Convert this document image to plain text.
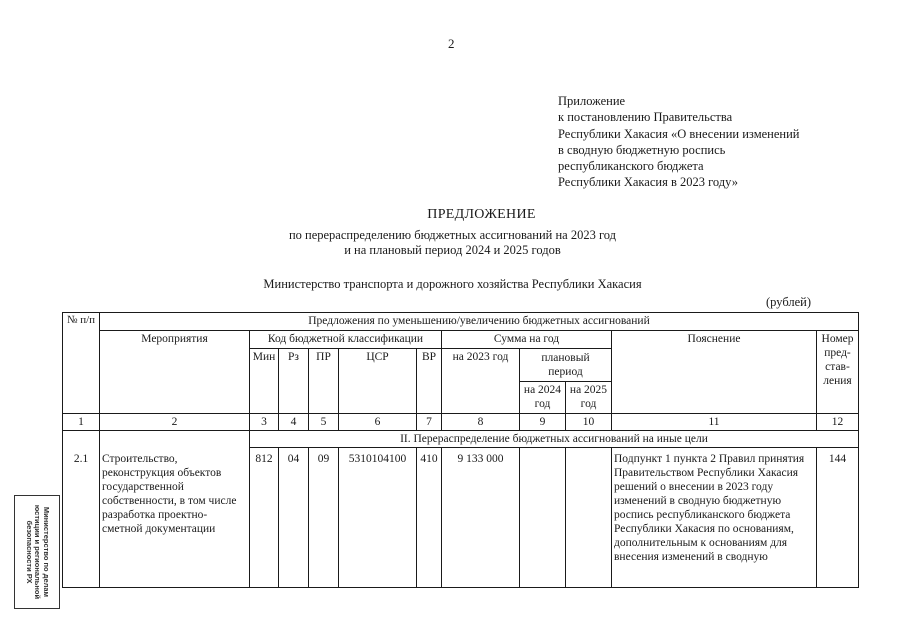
2
Приложение
к постановлению Правительства
Республики Хакасия «О внесении изменений
в сводную бюджетную роспись
республиканского бюджета
Республики Хакасия в 2023 году»
ПРЕДЛОЖЕНИЕ
по перераспределению бюджетных ассигнований на 2023 год
и на плановый период 2024 и 2025 годов
Министерство транспорта и дорожного хозяйства Республики Хакасия
(рублей)
№ п/п	Предложения по уменьшению/увеличению бюджетных ассигнований										
	Мероприятия	Код бюджетной классификации					Сумма на год			Пояснение	Номер пред-став-ления
		Мин	Рз	ПР	ЦСР	ВР	на 2023 год	плановый период			
								на 2024 год	на 2025 год		

1	2	3	4	5	6	7	8	9	10	11	12
		II. Перераспределение бюджетных ассигнований на иные цели									
2.1	Строительство, реконструкция объектов государственной собственности, в том числе разработка проектно-сметной документации	812	04	09	5310104100	410	9 133 000			Подпункт 1 пункта 2 Правил принятия Правительством Республики Хакасия решений о внесении в 2023 году изменений в сводную бюджетную роспись республиканского бюджета Республики Хакасия по основаниям, дополнительным к основаниям для внесения изменений в сводную	144
Министерство по делам
юстиции и региональной
безопасности РХ
